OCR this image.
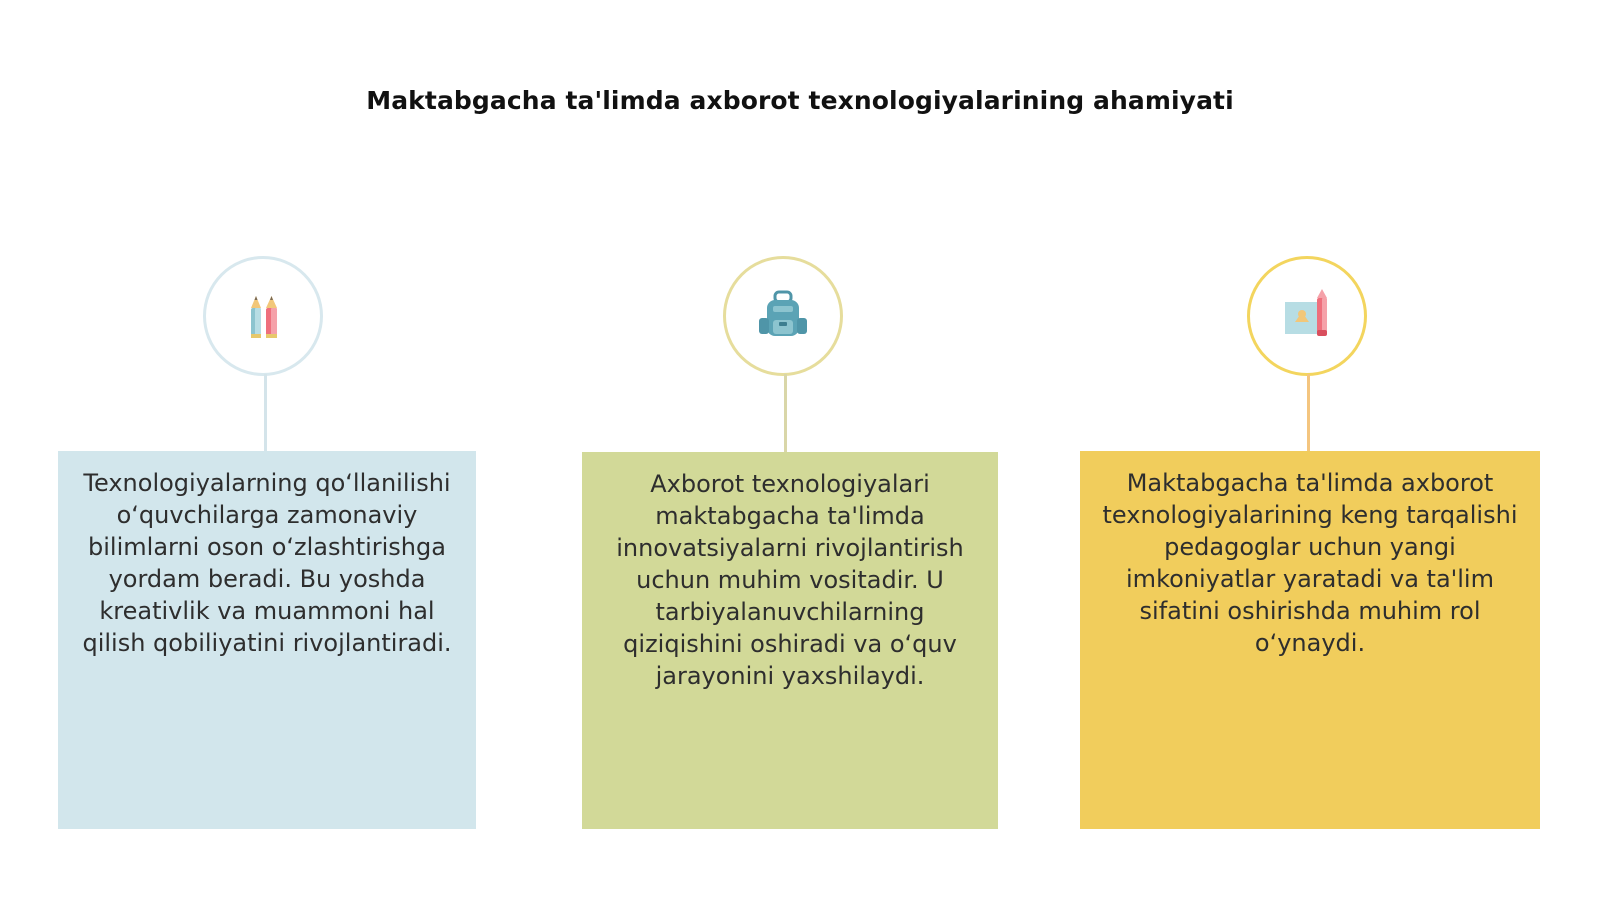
Maktabgacha ta'limda axborot texnologiyalarining ahamiyati
Texnologiyalarning qo‘llanilishi o‘quvchilarga zamonaviy bilimlarni oson o‘zlashtirishga yordam beradi. Bu yoshda kreativlik va muammoni hal qilish qobiliyatini rivojlantiradi.
Axborot texnologiyalari maktabgacha ta'limda innovatsiyalarni rivojlantirish uchun muhim vositadir. U tarbiyalanuvchilarning qiziqishini oshiradi va o‘quv jarayonini yaxshilaydi.
Maktabgacha ta'limda axborot texnologiyalarining keng tarqalishi pedagoglar uchun yangi imkoniyatlar yaratadi va ta'lim sifatini oshirishda muhim rol o‘ynaydi.
